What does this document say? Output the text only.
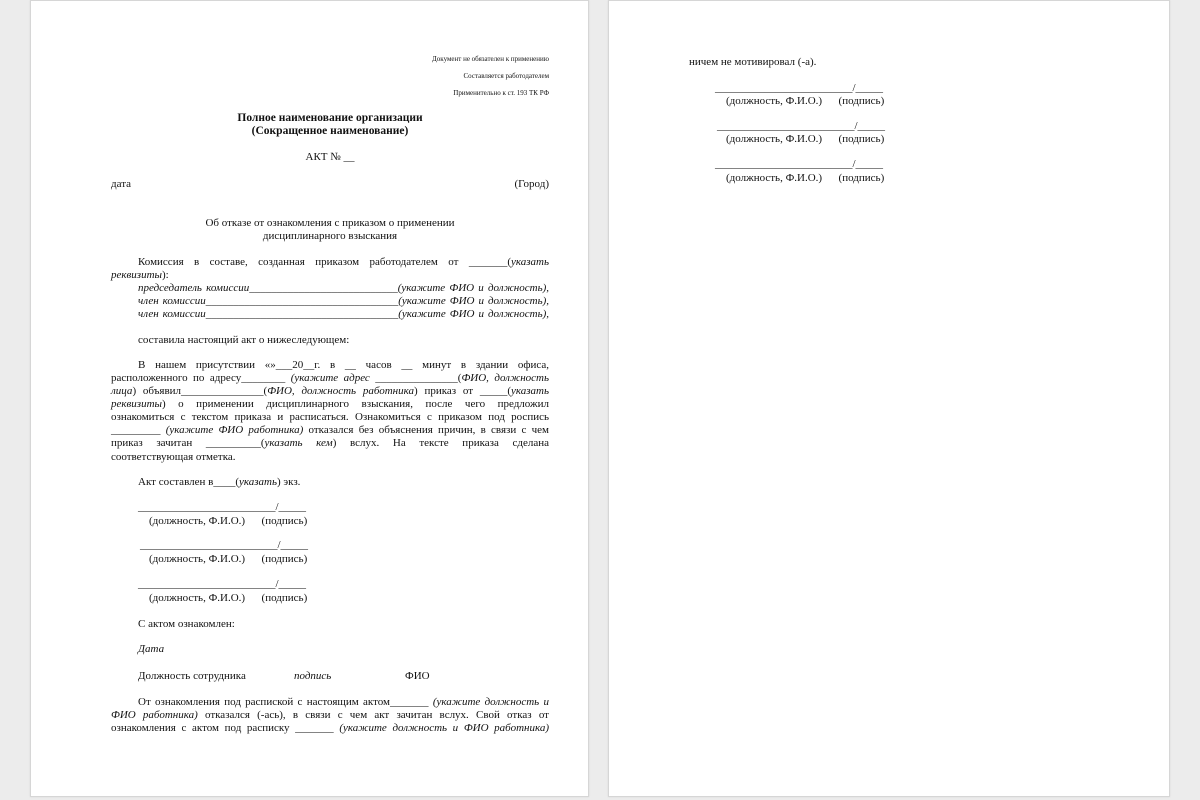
Документ не обязателен к применению
Составляется работодателем
Применительно к ст. 193 ТК РФ
Полное наименование организации
(Сокращенное наименование)
АКТ № __
дата (Город)
Об отказе от ознакомления с приказом о применении
дисциплинарного взыскания
Комиссия в составе, созданная приказом работодателем от _______(указать
реквизиты):
председатель комиссии___________________________(укажите ФИО и должность),
член комиссии___________________________________(укажите ФИО и должность),
член комиссии___________________________________(укажите ФИО и должность),
составила настоящий акт о нижеследующем:
В нашем присутствии «»___20__г. в __ часов __ минут в здании офиса,
расположенного по адресу________ (укажите адрес _______________(ФИО, должность
лица) объявил_______________(ФИО, должность работника) приказ от _____(указать
реквизиты) о применении дисциплинарного взыскания, после чего предложил
ознакомиться с текстом приказа и расписаться. Ознакомиться с приказом под роспись
_________ (укажите ФИО работника) отказался без объяснения причин, в связи с чем
приказ зачитан __________(указать кем) вслух. На тексте приказа сделана
соответствующая отметка.
Акт составлен в____(указать) экз.
_________________________/_____
(должность, Ф.И.О.)      (подпись)
_________________________/_____
(должность, Ф.И.О.)      (подпись)
_________________________/_____
(должность, Ф.И.О.)      (подпись)
С актом ознакомлен:
Дата
Должность сотрудника	подпись	ФИО
От ознакомления под распиской с настоящим актом_______ (укажите должность и
ФИО работника) отказался (-ась), в связи с чем акт зачитан вслух. Свой отказ от
ознакомления с актом под расписку _______ (укажите должность и ФИО работника)
ничем не мотивировал (-а).
_________________________/_____
(должность, Ф.И.О.)      (подпись)
_________________________/_____
(должность, Ф.И.О.)      (подпись)
_________________________/_____
(должность, Ф.И.О.)      (подпись)
